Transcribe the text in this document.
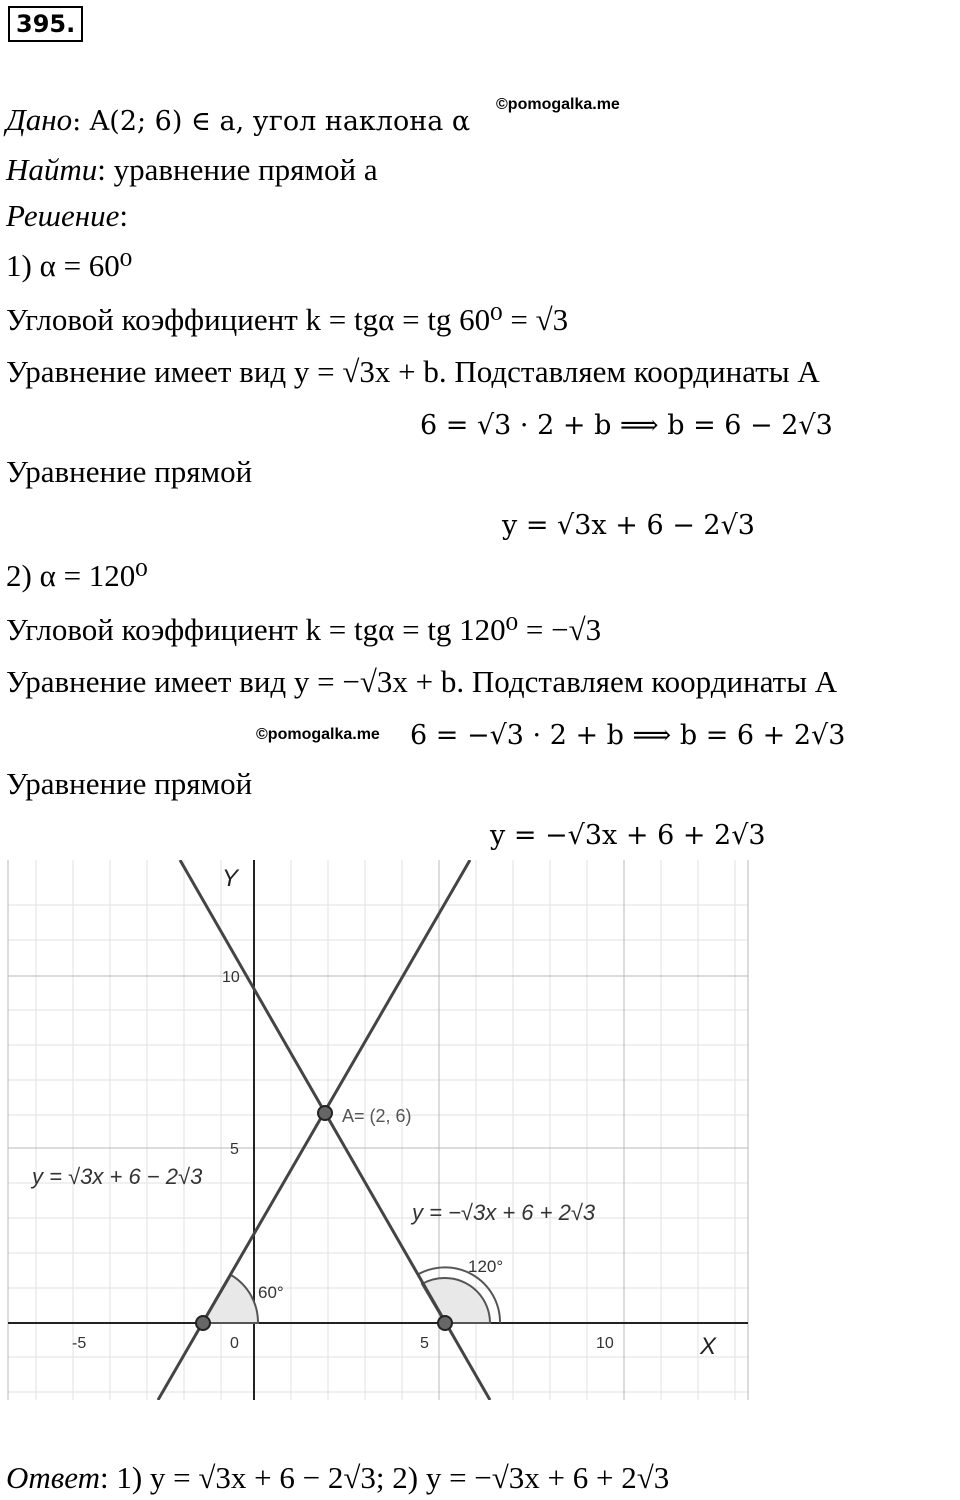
395.
Дано: A(2; 6) ∈ a, угол наклона α
©pomogalka.me
Найти: уравнение прямой a
Решение:
1) α = 60⁰
Угловой коэффициент k = tgα = tg 60⁰ = √3
Уравнение имеет вид y = √3x + b. Подставляем координаты A
6 = √3 · 2 + b ⟹ b = 6 − 2√3
Уравнение прямой
y = √3x + 6 − 2√3
2) α = 120⁰
Угловой коэффициент k = tgα = tg 120⁰ = −√3
Уравнение имеет вид y = −√3x + b. Подставляем координаты A
©pomogalka.me 6 = −√3 · 2 + b ⟹ b = 6 + 2√3
Уравнение прямой
y = −√3x + 6 + 2√3
Y
X
-5	0	5	10
5
10
60°
120°
A= (2, 6)
y = √3x + 6 − 2√3
y = −√3x + 6 + 2√3
Ответ: 1) y = √3x + 6 − 2√3; 2) y = −√3x + 6 + 2√3
